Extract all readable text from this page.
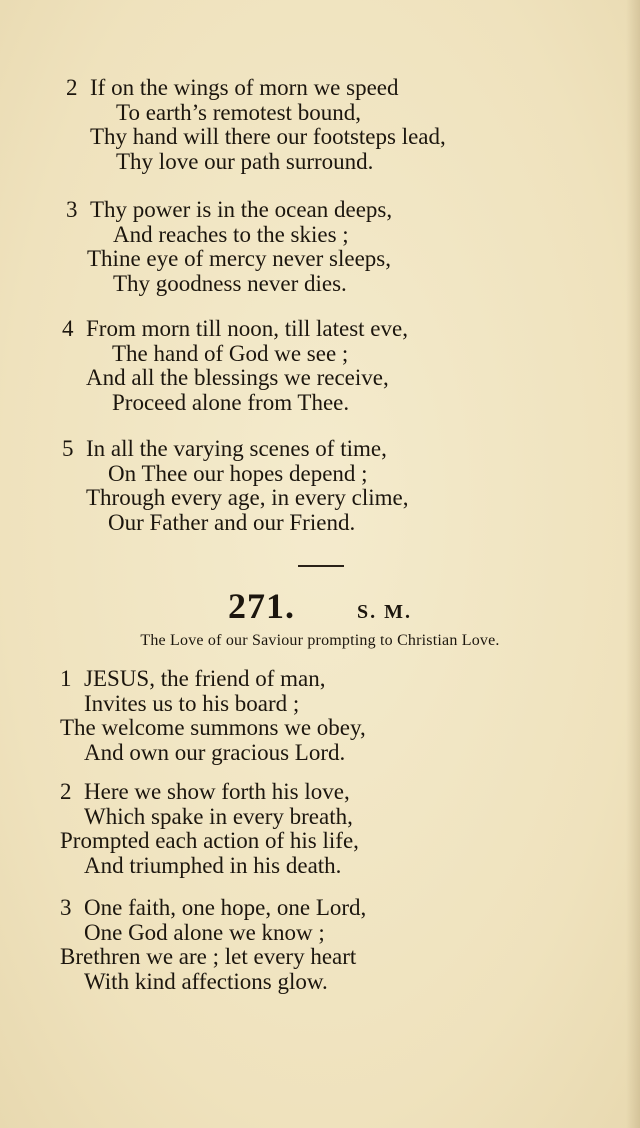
2 If on the wings of morn we speed
To earth’s remotest bound,
Thy hand will there our footsteps lead,
Thy love our path surround.
3 Thy power is in the ocean deeps,
And reaches to the skies ;
Thine eye of mercy never sleeps,
Thy goodness never dies.
4 From morn till noon, till latest eve,
The hand of God we see ;
And all the blessings we receive,
Proceed alone from Thee.
5 In all the varying scenes of time,
On Thee our hopes depend ;
Through every age, in every clime,
Our Father and our Friend.
271.	S. M.
The Love of our Saviour prompting to Christian Love.
1 JESUS, the friend of man,
Invites us to his board ;
The welcome summons we obey,
And own our gracious Lord.
2 Here we show forth his love,
Which spake in every breath,
Prompted each action of his life,
And triumphed in his death.
3 One faith, one hope, one Lord,
One God alone we know ;
Brethren we are ; let every heart
With kind affections glow.
